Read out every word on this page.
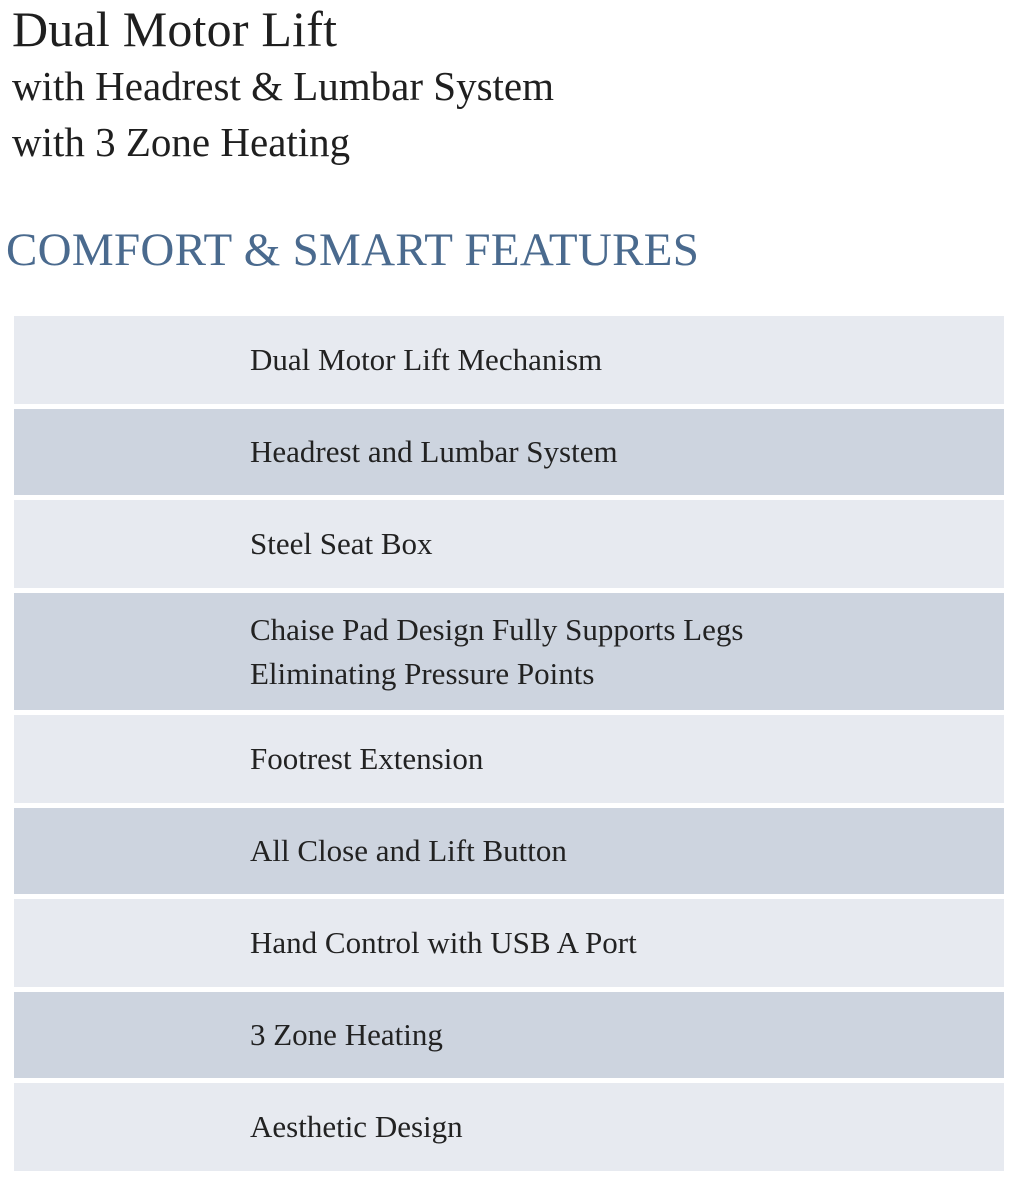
Dual Motor Lift

with Headrest & Lumbar System

with 3 Zone Heating

COMFORT & SMART FEATURES
Dual Motor Lift Mechanism
Headrest and Lumbar System
Steel Seat Box
Chaise Pad Design Fully Supports Legs
Eliminating Pressure Points
Footrest Extension
All Close and Lift Button
Hand Control with USB A Port
3 Zone Heating
Aesthetic Design
